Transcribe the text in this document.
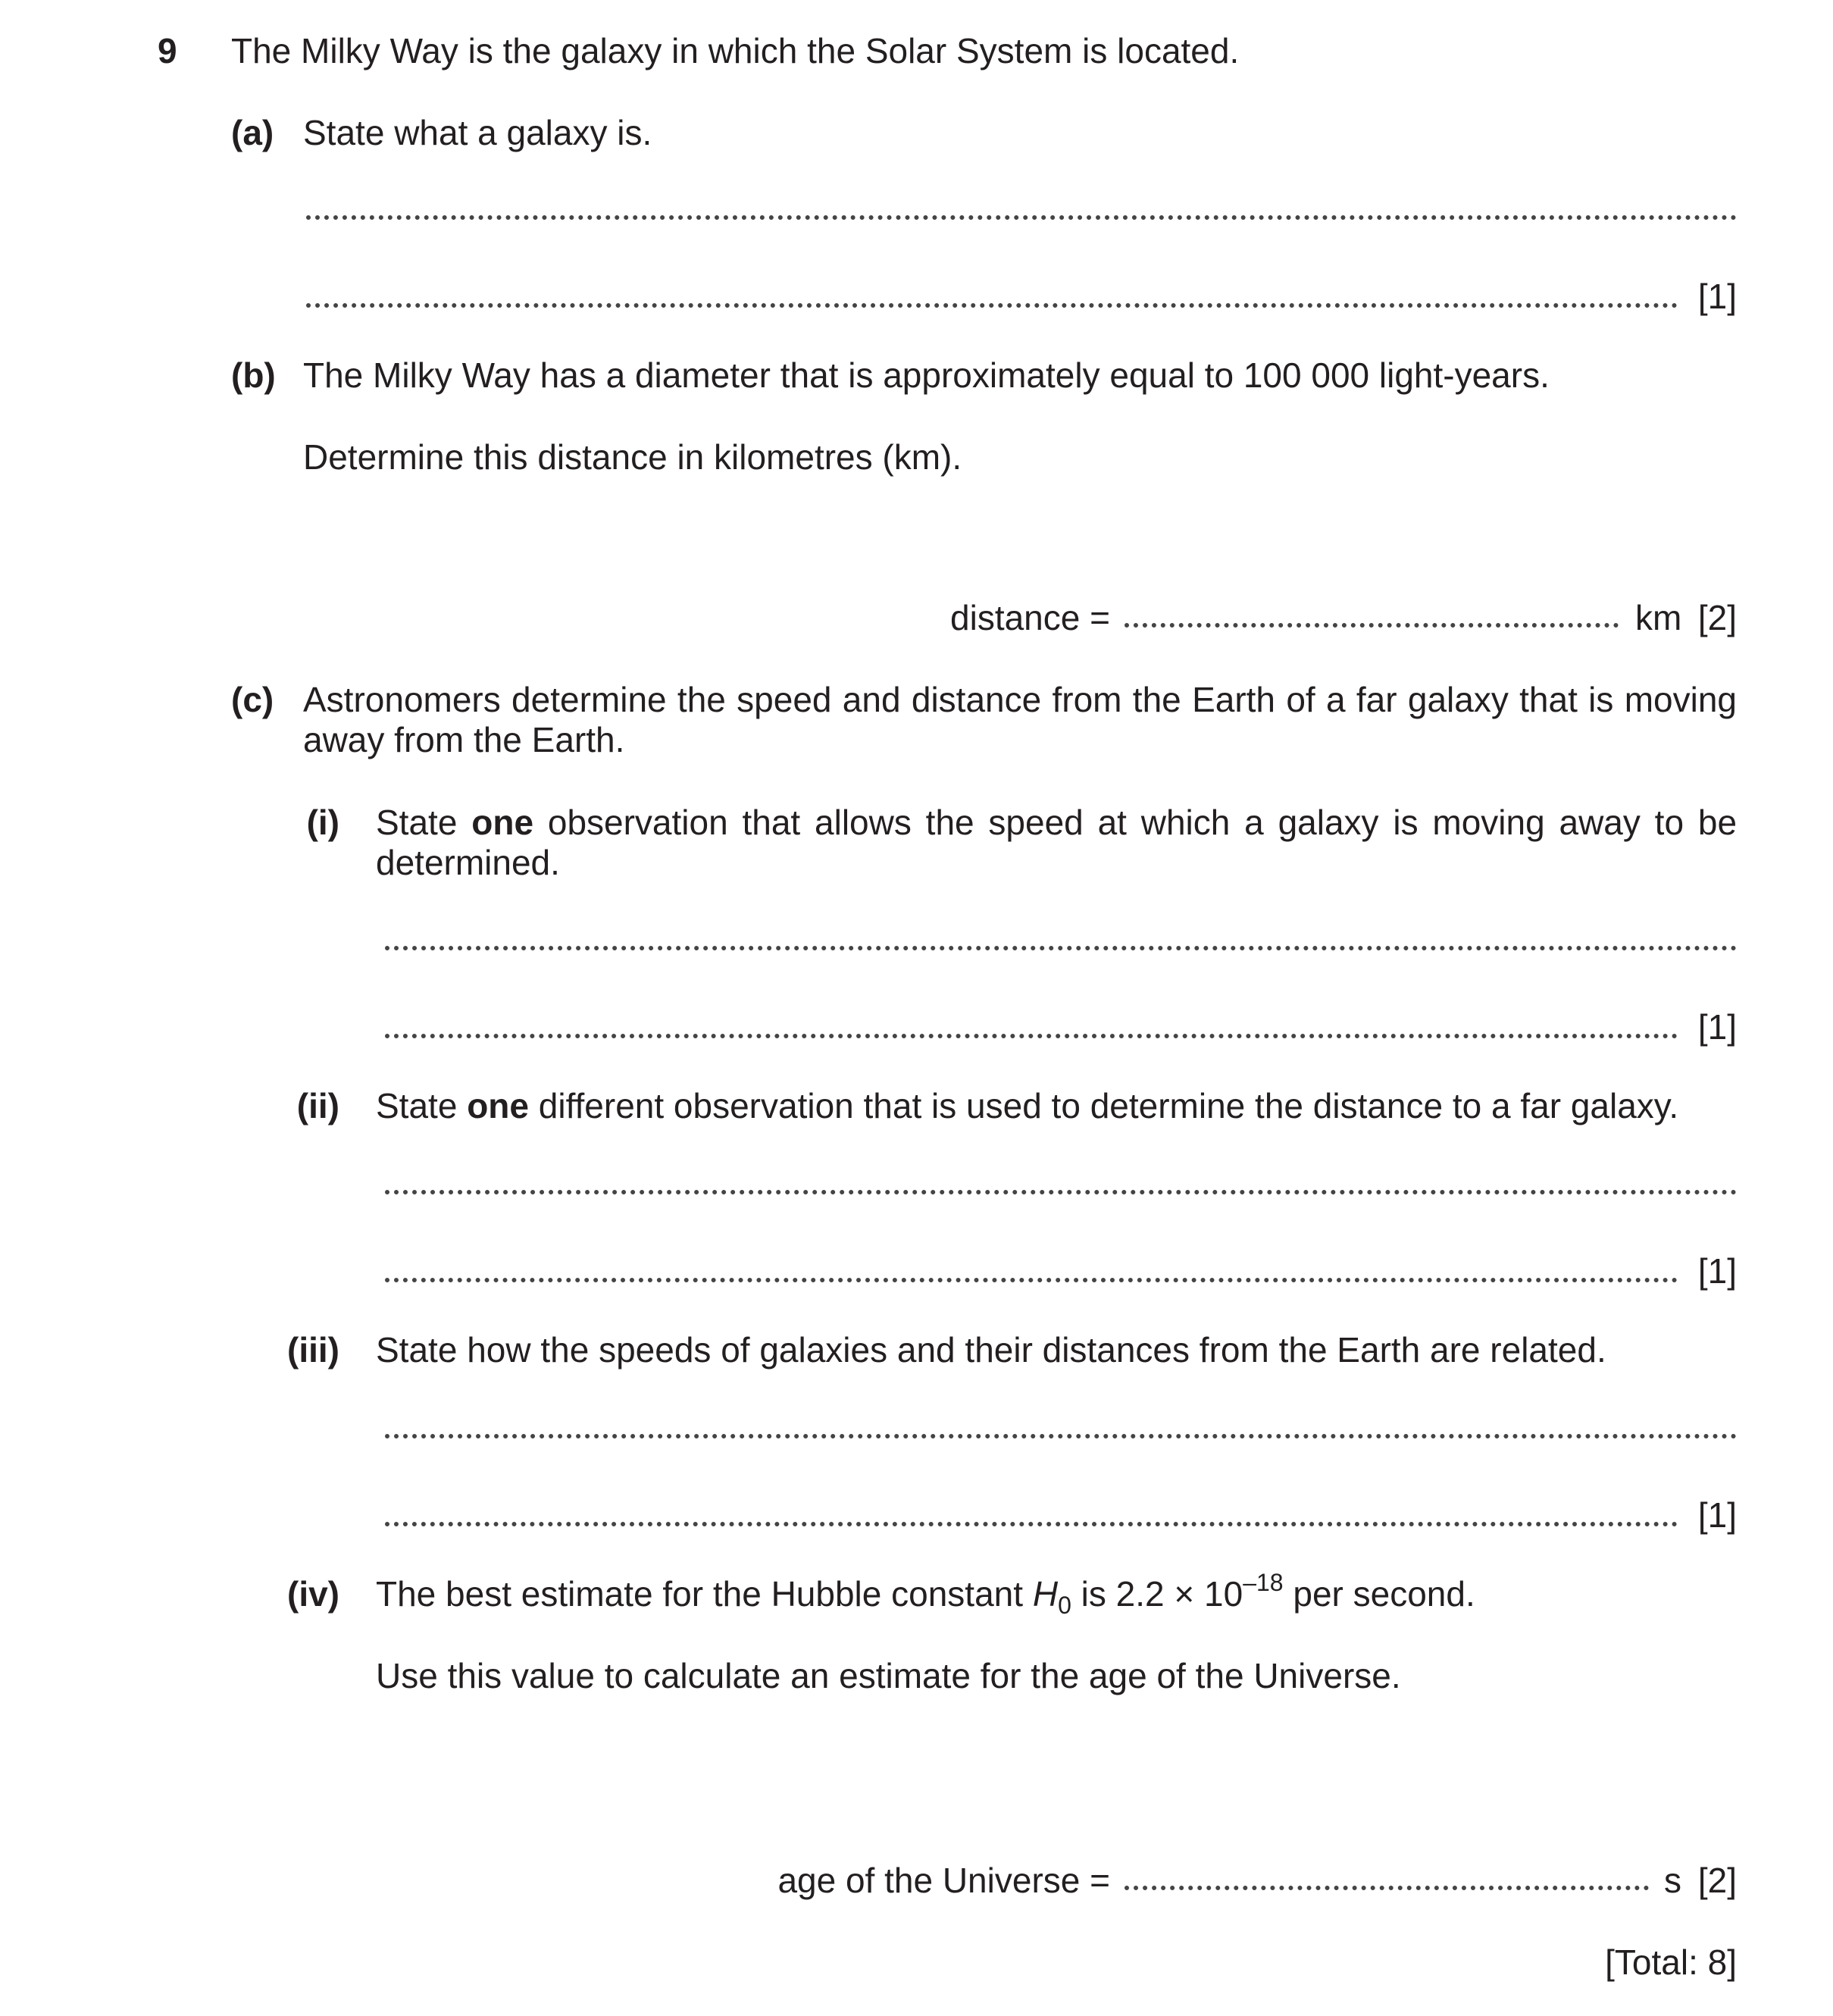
9 The Milky Way is the galaxy in which the Solar System is located.
(a) State what a galaxy is.
[1]
(b) The Milky Way has a diameter that is approximately equal to 100 000 light-years.
Determine this distance in kilometres (km).
distance =	km [2]
(c) Astronomers determine the speed and distance from the Earth of a far galaxy that is moving
away from the Earth.
(i) State one observation that allows the speed at which a galaxy is moving away to be
determined.
[1]
(ii) State one different observation that is used to determine the distance to a far galaxy.
[1]
(iii) State how the speeds of galaxies and their distances from the Earth are related.
[1]
(iv) The best estimate for the Hubble constant $H_0$ is $2.2 \times 10^{-18}$ per second.
Use this value to calculate an estimate for the age of the Universe.
age of the Universe =	s [2]
[Total: 8]
